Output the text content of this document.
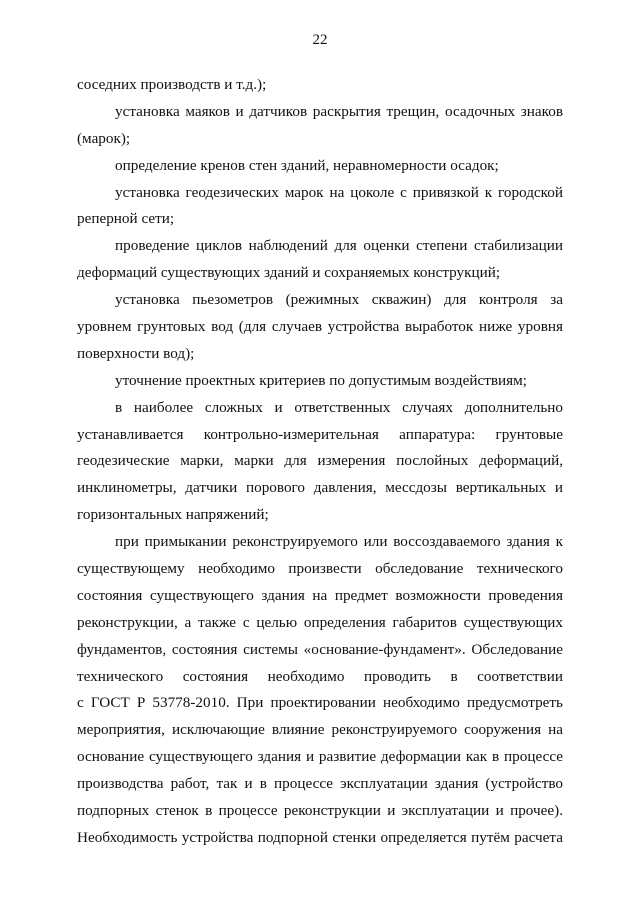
22
соседних производств и т.д.);
установка маяков и датчиков раскрытия трещин, осадочных знаков
(марок);
определение кренов стен зданий, неравномерности осадок;
установка геодезических марок на цоколе с привязкой к городской
реперной сети;
проведение циклов наблюдений для оценки степени стабилизации
деформаций существующих зданий и сохраняемых конструкций;
установка пьезометров (режимных скважин) для контроля за
уровнем грунтовых вод (для случаев устройства выработок ниже уровня
поверхности вод);
уточнение проектных критериев по допустимым воздействиям;
в наиболее сложных и ответственных случаях дополнительно
устанавливается контрольно-измерительная аппаратура: грунтовые
геодезические марки, марки для измерения послойных деформаций,
инклинометры, датчики порового давления, мессдозы вертикальных и
горизонтальных напряжений;
при примыкании реконструируемого или воссоздаваемого здания к
существующему необходимо произвести обследование технического
состояния существующего здания на предмет возможности проведения
реконструкции, а также с целью определения габаритов существующих
фундаментов, состояния системы «основание-фундамент». Обследование
технического состояния необходимо проводить в соответствии
с ГОСТ Р 53778-2010. При проектировании необходимо предусмотреть
мероприятия, исключающие влияние реконструируемого сооружения на
основание существующего здания и развитие деформации как в процессе
производства работ, так и в процессе эксплуатации здания (устройство
подпорных стенок в процессе реконструкции и эксплуатации и прочее).
Необходимость устройства подпорной стенки определяется путём расчета
